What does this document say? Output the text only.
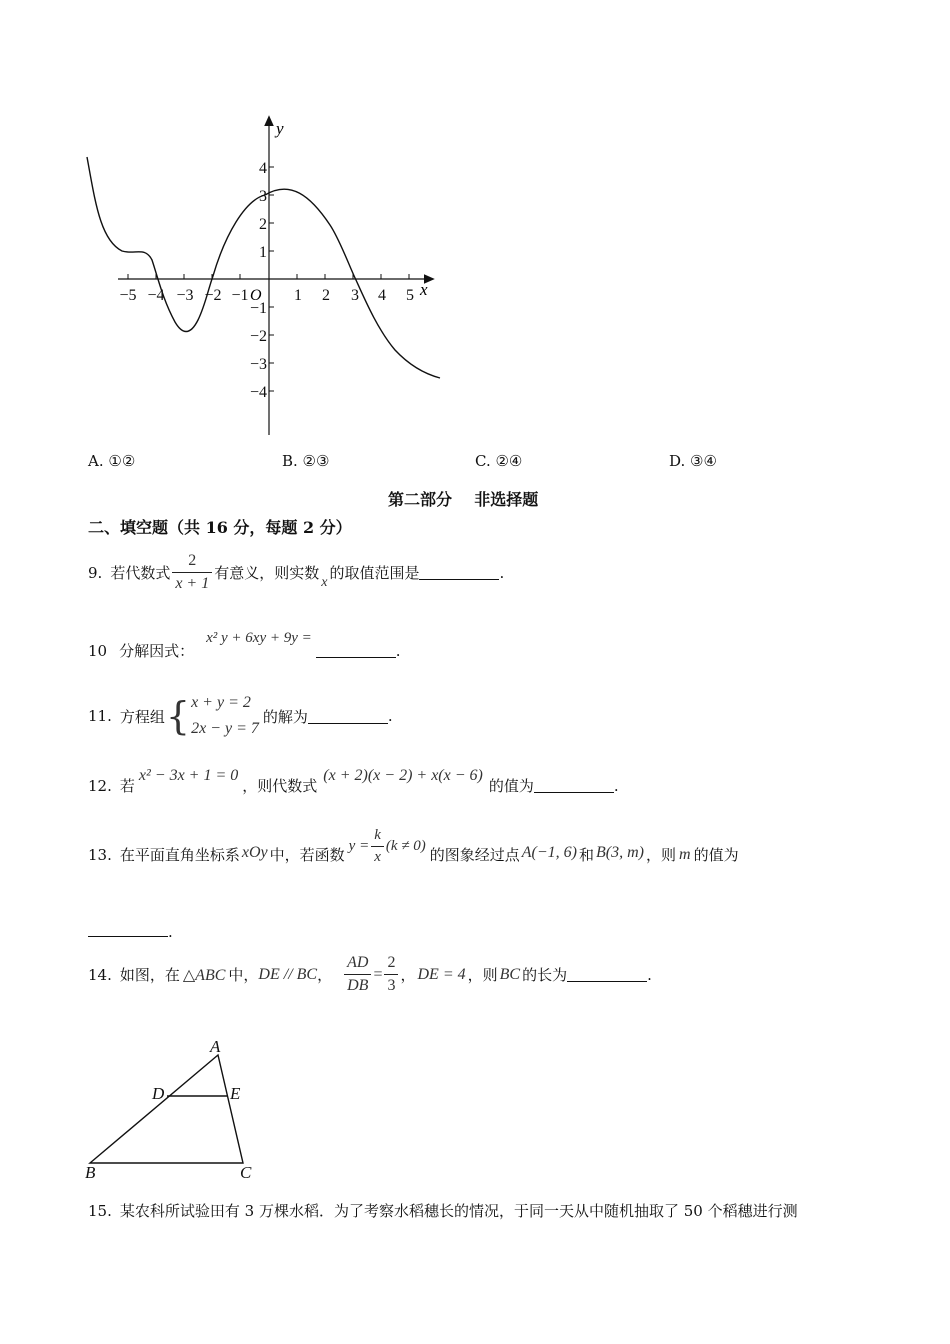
y
x
O
−5 −4 −3 −2 −1	1 2 3 4 5
4
3
2
1
−1
−2
−3
−4
A. ①②	B. ②③	C. ②④	D. ③④
第二部分    非选择题
二、填空题（共 16 分，每题 2 分）
9. 若代数式 $\frac{2}{x + 1}$ 有意义，则实数 x 的取值范围是	.
10 分解因式：
x² y + 6xy + 9y =
.
11. 方程组 { x + y = 2
2x − y = 7
的解为	.
12. 若
x² − 3x + 1 = 0
，则代数式
(x + 2)(x − 2) + x(x − 6)
的值为	.
13. 在平面直角坐标系 xOy 中，若函数 $y = \frac{k}{x} (k \ne 0)$ 的图象经过点 A(−1, 6) 和 B(3, m) ，则 m 的值为
.
14. 如图，在 △ABC 中， DE // BC ， $\frac{AD}{DB} = \frac{2}{3}$ ， DE = 4 ，则 BC 的长为	.
A
B	C
D	E
15. 某农科所试验田有 3 万棵水稻．为了考察水稻穗长的情况，于同一天从中随机抽取了 50 个稻穗进行测
